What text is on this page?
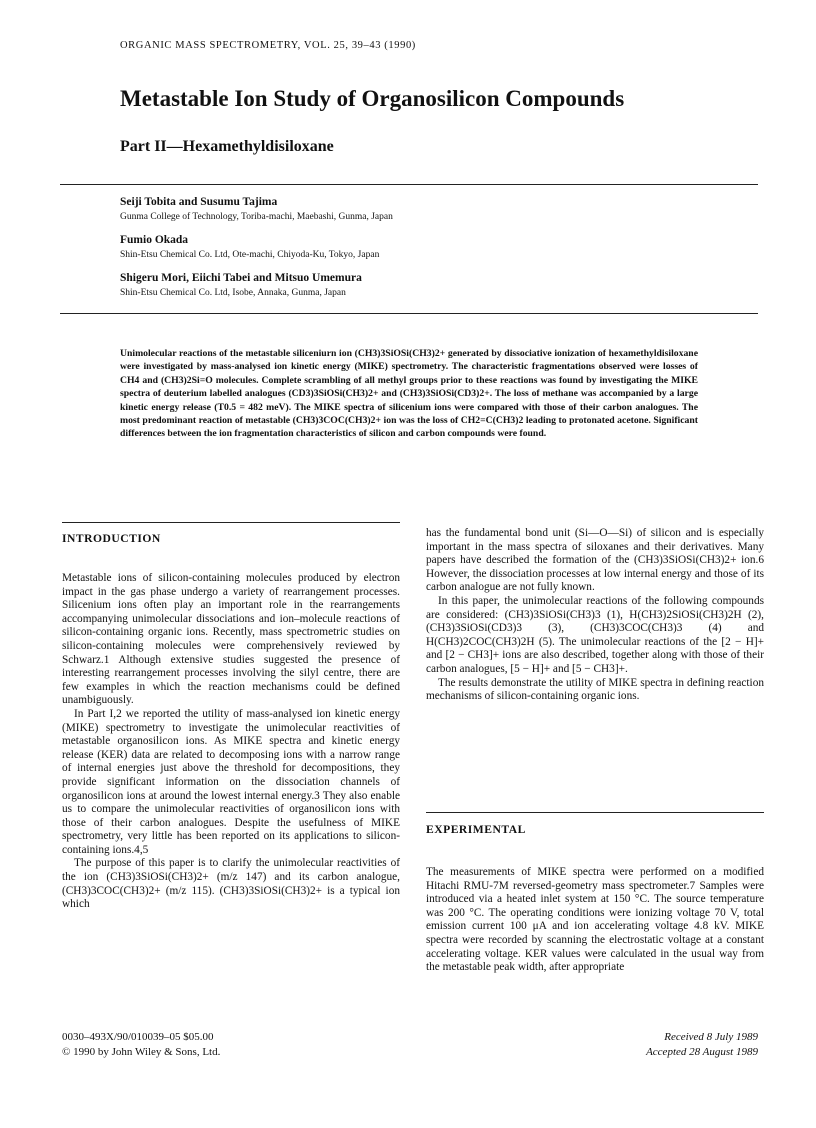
ORGANIC MASS SPECTROMETRY, VOL. 25, 39–43 (1990)
Metastable Ion Study of Organosilicon Compounds
Part II—Hexamethyldisiloxane
Seiji Tobita and Susumu Tajima
Gunma College of Technology, Toriba-machi, Maebashi, Gunma, Japan
Fumio Okada
Shin-Etsu Chemical Co. Ltd, Ote-machi, Chiyoda-Ku, Tokyo, Japan
Shigeru Mori, Eiichi Tabei and Mitsuo Umemura
Shin-Etsu Chemical Co. Ltd, Isobe, Annaka, Gunma, Japan
Unimolecular reactions of the metastable siliceniurn ion (CH3)3SiOSi(CH3)2+ generated by dissociative ionization of hexamethyldisiloxane were investigated by mass-analysed ion kinetic energy (MIKE) spectrometry. The characteristic fragmentations observed were losses of CH4 and (CH3)2Si=O molecules. Complete scrambling of all methyl groups prior to these reactions was found by investigating the MIKE spectra of deuterium labelled analogues (CD3)3SiOSi(CH3)2+ and (CH3)3SiOSi(CD3)2+. The loss of methane was accompanied by a large kinetic energy release (T0.5 = 482 meV). The MIKE spectra of silicenium ions were compared with those of their carbon analogues. The most predominant reaction of metastable (CH3)3COC(CH3)2+ ion was the loss of CH2=C(CH3)2 leading to protonated acetone. Significant differences between the ion fragmentation characteristics of silicon and carbon compounds were found.
INTRODUCTION

Metastable ions of silicon-containing molecules produced by electron impact in the gas phase undergo a variety of rearrangement processes. Silicenium ions often play an important role in the rearrangements accompanying unimolecular dissociations and ion–molecule reactions of silicon-containing organic ions. Recently, mass spectrometric studies on silicon-containing molecules were comprehensively reviewed by Schwarz.1 Although extensive studies suggested the presence of interesting rearrangement processes involving the silyl centre, there are few examples in which the reaction mechanisms could be defined unambiguously.

In Part I,2 we reported the utility of mass-analysed ion kinetic energy (MIKE) spectrometry to investigate the unimolecular reactivities of metastable organosilicon ions. As MIKE spectra and kinetic energy release (KER) data are related to decomposing ions with a narrow range of internal energies just above the threshold for decompositions, they provide significant information on the dissociation channels of organosilicon ions at around the lowest internal energy.3 They also enable us to compare the unimolecular reactivities of organosilicon ions with those of their carbon analogues. Despite the usefulness of MIKE spectrometry, very little has been reported on its applications to silicon-containing ions.4,5

The purpose of this paper is to clarify the unimolecular reactivities of the ion (CH3)3SiOSi(CH3)2+ (m/z 147) and its carbon analogue, (CH3)3COC(CH3)2+ (m/z 115). (CH3)3SiOSi(CH3)2+ is a typical ion which

has the fundamental bond unit (Si—O—Si) of silicon and is especially important in the mass spectra of siloxanes and their derivatives. Many papers have described the formation of the (CH3)3SiOSi(CH3)2+ ion.6 However, the dissociation processes at low internal energy and those of its carbon analogue are not fully known.

In this paper, the unimolecular reactions of the following compounds are considered: (CH3)3SiOSi(CH3)3 (1), H(CH3)2SiOSi(CH3)2H (2), (CH3)3SiOSi(CD3)3 (3), (CH3)3COC(CH3)3 (4) and H(CH3)2COC(CH3)2H (5). The unimolecular reactions of the [2 − H]+ and [2 − CH3]+ ions are also described, together along with those of their carbon analogues, [5 − H]+ and [5 − CH3]+.

The results demonstrate the utility of MIKE spectra in defining reaction mechanisms of silicon-containing organic ions.

EXPERIMENTAL

The measurements of MIKE spectra were performed on a modified Hitachi RMU-7M reversed-geometry mass spectrometer.7 Samples were introduced via a heated inlet system at 150 °C. The source temperature was 200 °C. The operating conditions were ionizing voltage 70 V, total emission current 100 μA and ion accelerating voltage 4.8 kV. MIKE spectra were recorded by scanning the electrostatic voltage at a constant accelerating voltage. KER values were calculated in the usual way from the metastable peak width, after appropriate

0030–493X/90/010039–05 $05.00
© 1990 by John Wiley & Sons, Ltd.
Received 8 July 1989
Accepted 28 August 1989
